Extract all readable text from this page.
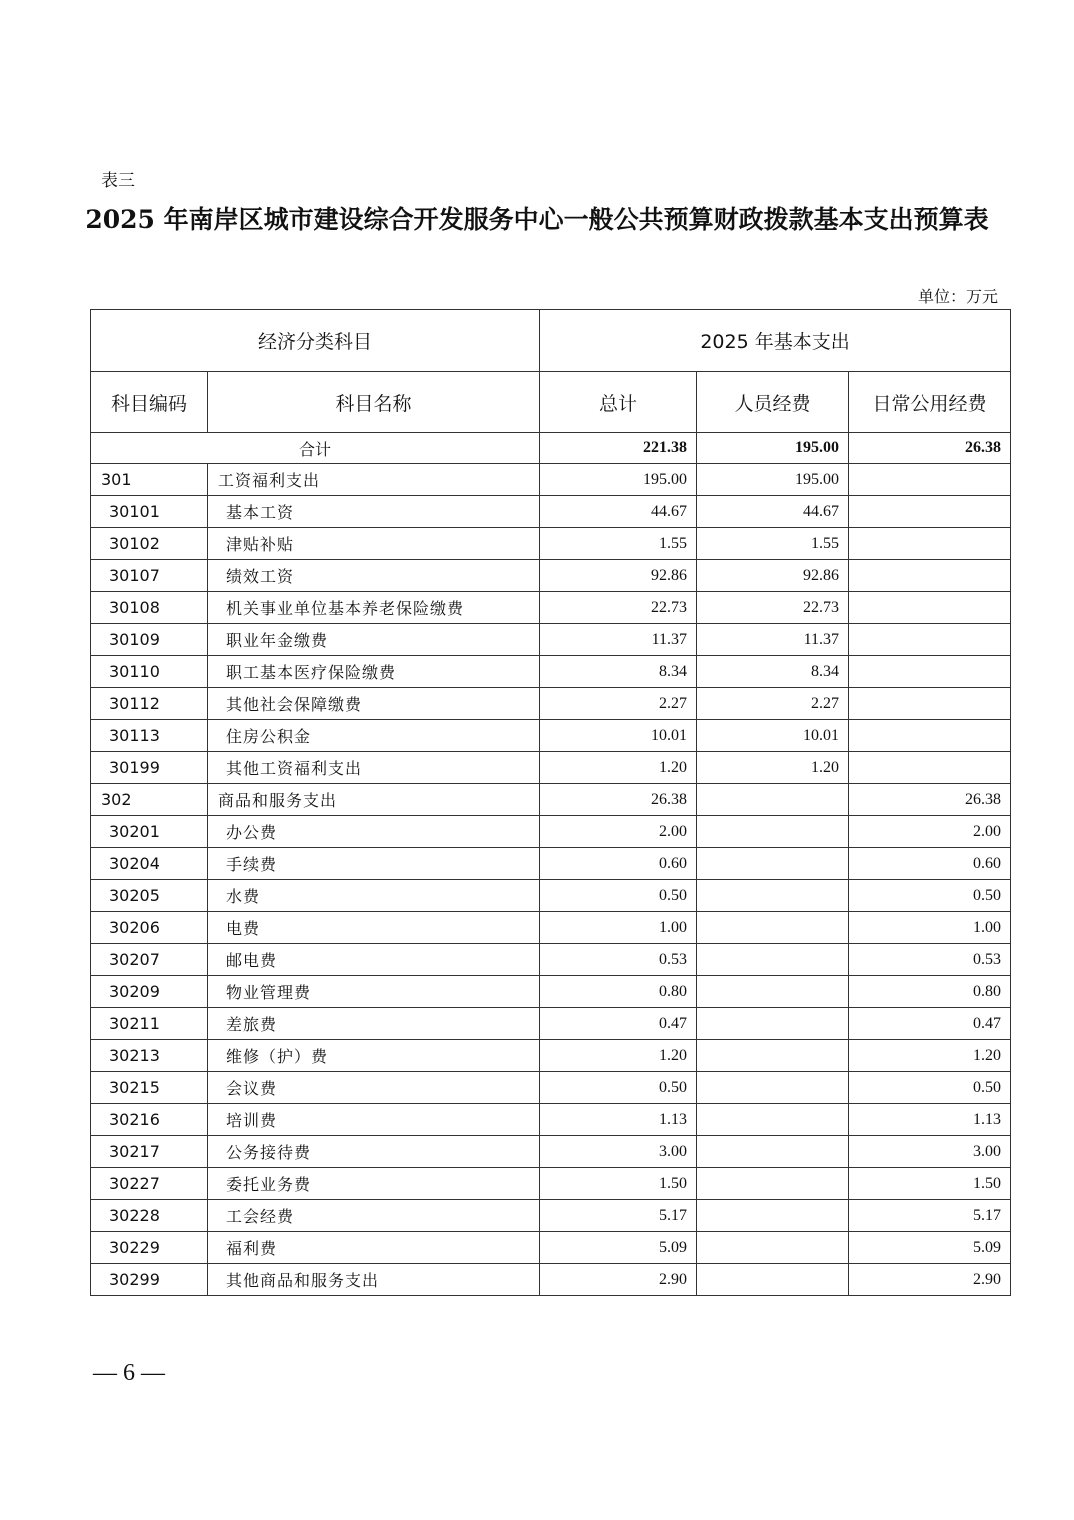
表三
2025 年南岸区城市建设综合开发服务中心一般公共预算财政拨款基本支出预算表
单位：万元
经济分类科目		2025 年基本支出		
科目编码	科目名称	总计	人员经费	日常公用经费
合计		221.38	195.00	26.38
301	工资福利支出	195.00	195.00	
30101	基本工资	44.67	44.67	
30102	津贴补贴	1.55	1.55	
30107	绩效工资	92.86	92.86	
30108	机关事业单位基本养老保险缴费	22.73	22.73	
30109	职业年金缴费	11.37	11.37	
30110	职工基本医疗保险缴费	8.34	8.34	
30112	其他社会保障缴费	2.27	2.27	
30113	住房公积金	10.01	10.01	
30199	其他工资福利支出	1.20	1.20	
302	商品和服务支出	26.38		26.38
30201	办公费	2.00		2.00
30204	手续费	0.60		0.60
30205	水费	0.50		0.50
30206	电费	1.00		1.00
30207	邮电费	0.53		0.53
30209	物业管理费	0.80		0.80
30211	差旅费	0.47		0.47
30213	维修（护）费	1.20		1.20
30215	会议费	0.50		0.50
30216	培训费	1.13		1.13
30217	公务接待费	3.00		3.00
30227	委托业务费	1.50		1.50
30228	工会经费	5.17		5.17
30229	福利费	5.09		5.09
30299	其他商品和服务支出	2.90		2.90
— 6 —
